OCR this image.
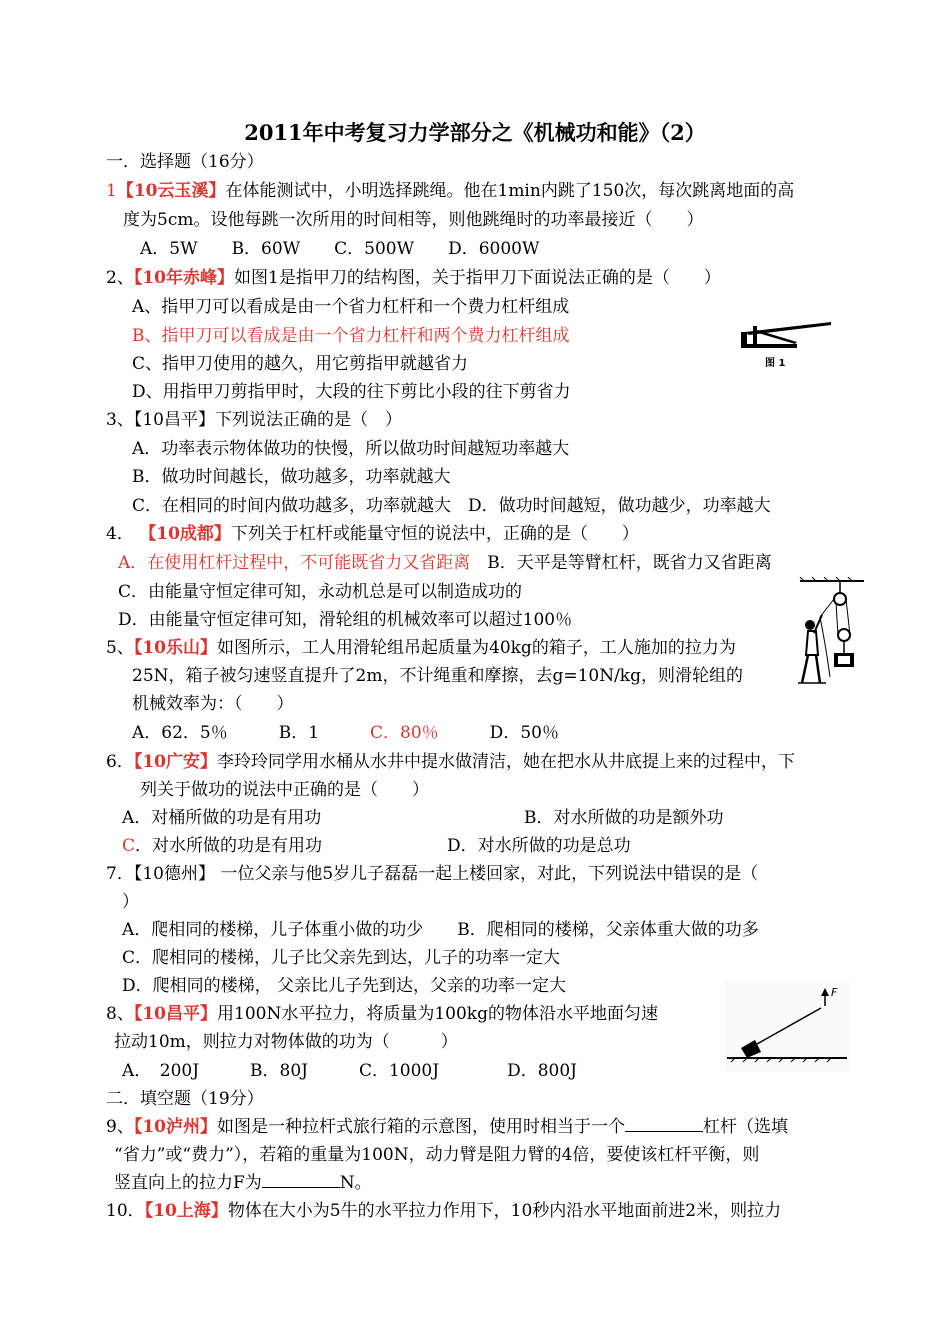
2011年中考复习力学部分之《机械功和能》（2）
一．选择题（16分）
1【10云玉溪】在体能测试中，小明选择跳绳。他在1min内跳了150次，每次跳离地面的高
度为5cm。设他每跳一次所用的时间相等，则他跳绳时的功率最接近（　　）
A．5W　　B．60W　　C．500W　　D．6000W
2、【10年赤峰】如图1是指甲刀的结构图，关于指甲刀下面说法正确的是（　　）
A、指甲刀可以看成是由一个省力杠杆和一个费力杠杆组成
B、指甲刀可以看成是由一个省力杠杆和两个费力杠杆组成
C、指甲刀使用的越久，用它剪指甲就越省力
D、用指甲刀剪指甲时，大段的往下剪比小段的往下剪省力
图 1
3、【10昌平】下列说法正确的是（　）
A．功率表示物体做功的快慢，所以做功时间越短功率越大
B．做功时间越长，做功越多，功率就越大
C．在相同的时间内做功越多，功率就越大　D．做功时间越短，做功越少，功率越大
4． 【10成都】下列关于杠杆或能量守恒的说法中，正确的是（　　）
A．在使用杠杆过程中，不可能既省力又省距离　B．天平是等臂杠杆，既省力又省距离
C．由能量守恒定律可知，永动机总是可以制造成功的
D．由能量守恒定律可知，滑轮组的机械效率可以超过100％
5、【10乐山】如图所示，工人用滑轮组吊起质量为40kg的箱子，工人施加的拉力为
25N，箱子被匀速竖直提升了2m，不计绳重和摩擦，去g=10N/kg，则滑轮组的
机械效率为：（　　）
A．62．5％　　　B．1　　　C．80％　　　D．50％
6．【10广安】李玲玲同学用水桶从水井中提水做清洁，她在把水从井底提上来的过程中，下
列关于做功的说法中正确的是（　　）
A．对桶所做的功是有用功	B．对水所做的功是额外功
C．对水所做的功是有用功	D．对水所做的功是总功
7．【10德州】 一位父亲与他5岁儿子磊磊一起上楼回家，对此，下列说法中错误的是（
）
A．爬相同的楼梯，儿子体重小做的功少　　B．爬相同的楼梯，父亲体重大做的功多
C．爬相同的楼梯，儿子比父亲先到达，儿子的功率一定大
D．爬相同的楼梯， 父亲比儿子先到达，父亲的功率一定大
8、【10昌平】用100N水平拉力，将质量为100kg的物体沿水平地面匀速
拉动10m，则拉力对物体做的功为（　　　）
A．　200J　　　B．80J　　　C．1000J　　　　D．800J
F
二．填空题（19分）
9、【10泸州】如图是一种拉杆式旅行箱的示意图，使用时相当于一个	杠杆（选填
“省力”或“费力”），若箱的重量为100N，动力臂是阻力臂的4倍，要使该杠杆平衡，则
竖直向上的拉力F为	N。
10．【10上海】物体在大小为5牛的水平拉力作用下，10秒内沿水平地面前进2米，则拉力
